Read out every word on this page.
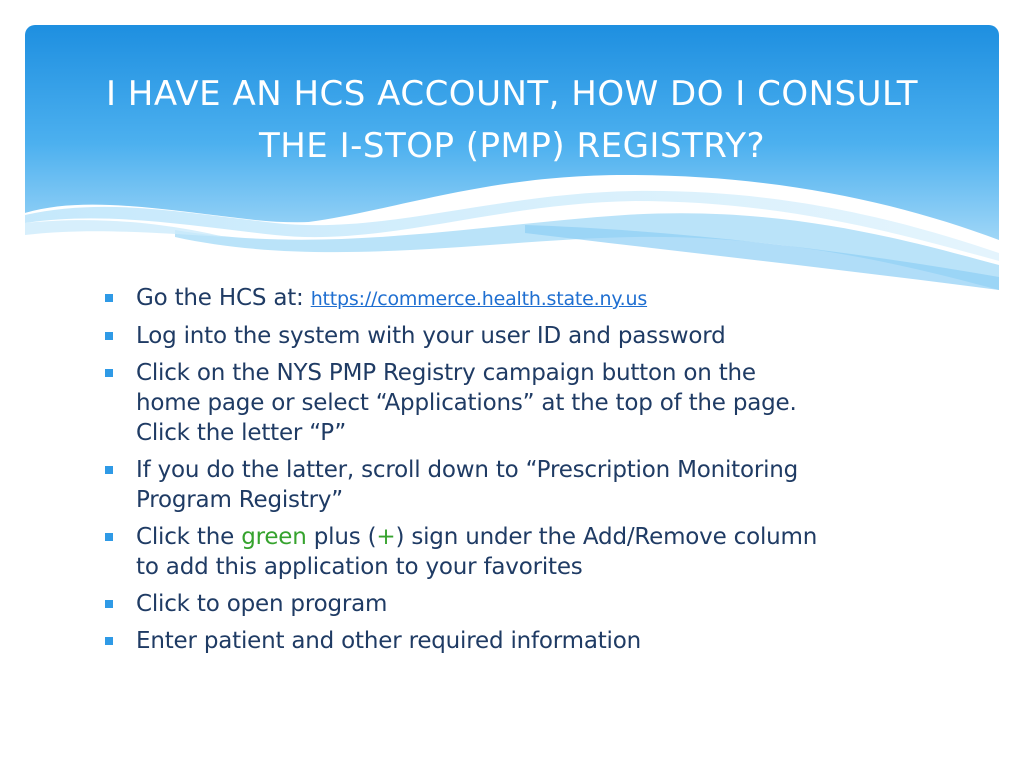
I HAVE AN HCS ACCOUNT, HOW DO I CONSULT
THE I-STOP (PMP) REGISTRY?
Go the HCS at: https://commerce.health.state.ny.us
Log into the system with your user ID and password
Click on the NYS PMP Registry campaign button on the
home page or select “Applications” at the top of the page.
Click the letter “P”
If you do the latter, scroll down to “Prescription Monitoring
Program Registry”
Click the green plus (+) sign under the Add/Remove column
to add this application to your favorites
Click to open program
Enter patient and other required information
